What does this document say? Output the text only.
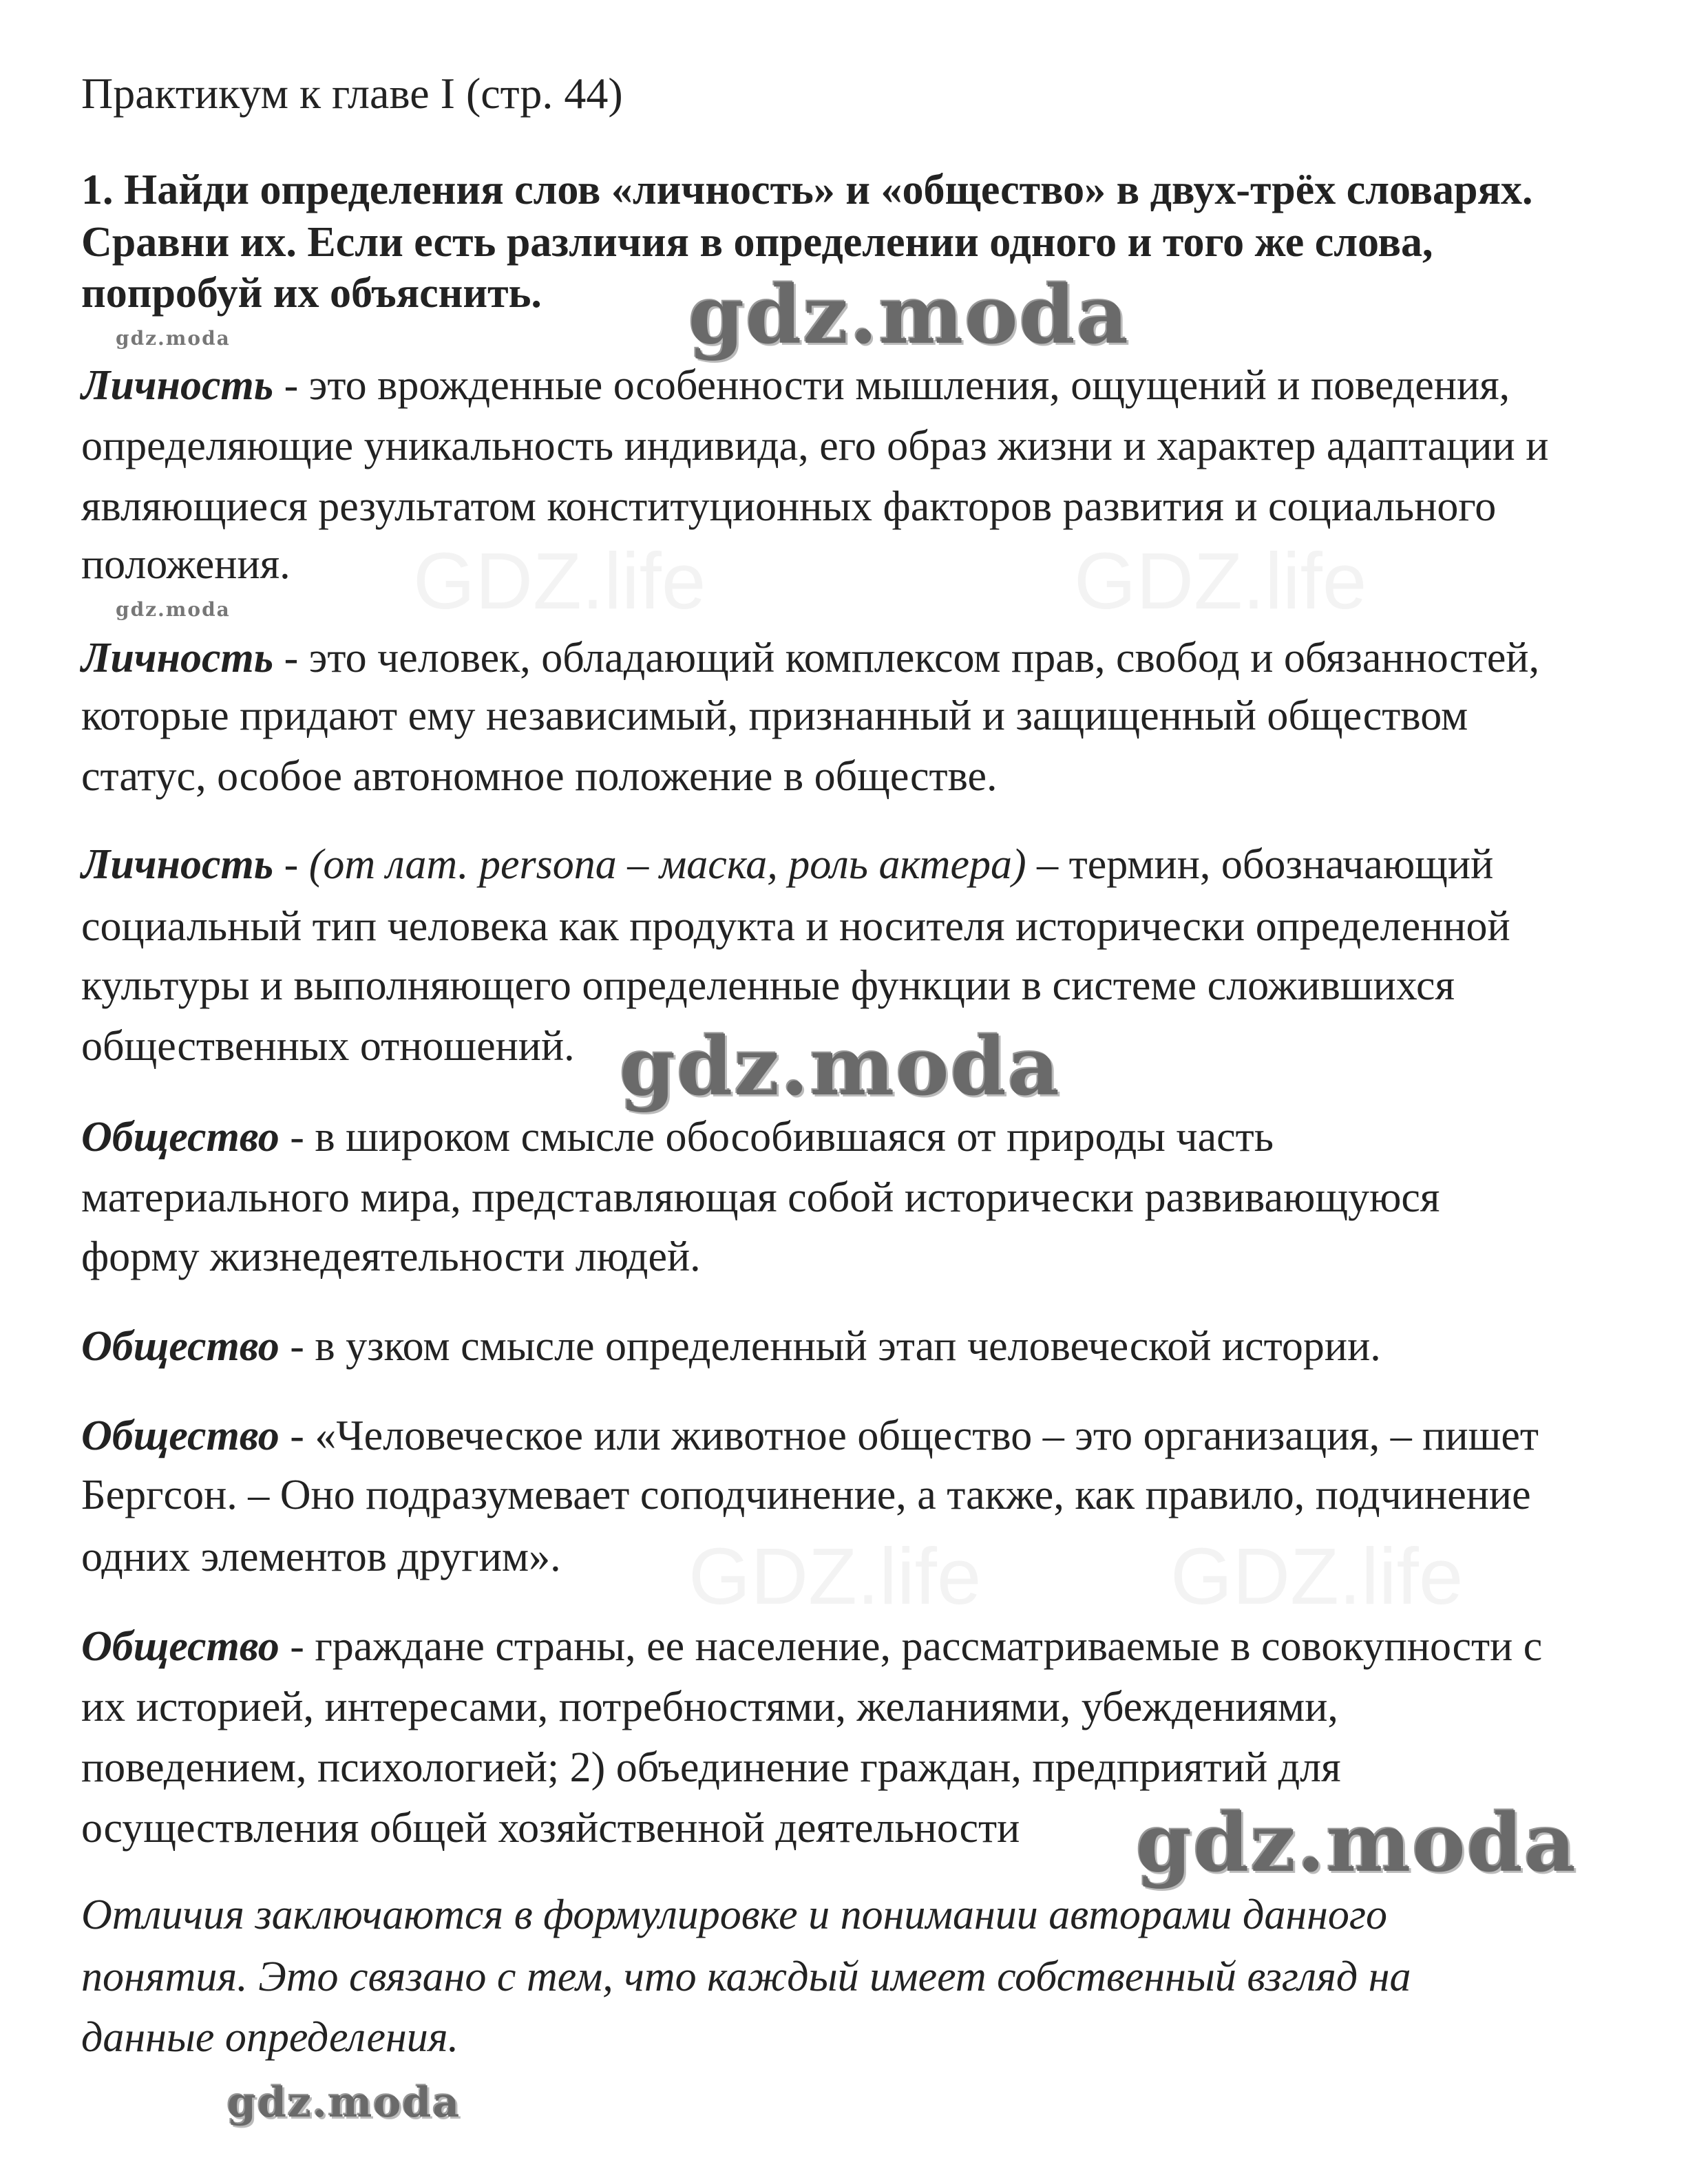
GDZ.life	GDZ.life
GDZ.life GDZ.life
Практикум к главе I (стр. 44)
1. Найди определения слов «личность» и «общество» в двух-трёх словарях.
Сравни их. Если есть различия в определении одного и того же слова,
попробуй их объяснить.
Личность - это врожденные особенности мышления, ощущений и поведения,
определяющие уникальность индивида, его образ жизни и характер адаптации и
являющиеся результатом конституционных факторов развития и социального
положения.
Личность - это человек, обладающий комплексом прав, свобод и обязанностей,
которые придают ему независимый, признанный и защищенный обществом
статус, особое автономное положение в обществе.
Личность - (от лат. persona – маска, роль актера) – термин, обозначающий
социальный тип человека как продукта и носителя исторически определенной
культуры и выполняющего определенные функции в системе сложившихся
общественных отношений.
Общество - в широком смысле обособившаяся от природы часть
материального мира, представляющая собой исторически развивающуюся
форму жизнедеятельности людей.
Общество - в узком смысле определенный этап человеческой истории.
Общество - «Человеческое или животное общество – это организация, – пишет
Бергсон. – Оно подразумевает соподчинение, а также, как правило, подчинение
одних элементов другим».
Общество - граждане страны, ее население, рассматриваемые в совокупности с
их историей, интересами, потребностями, желаниями, убеждениями,
поведением, психологией; 2) объединение граждан, предприятий для
осуществления общей хозяйственной деятельности
Отличия заключаются в формулировке и понимании авторами данного
понятия. Это связано с тем, что каждый имеет собственный взгляд на
данные определения.
gdz.moda
gdz.moda
gdz.moda
gdz.moda
gdz.moda
gdz.moda
